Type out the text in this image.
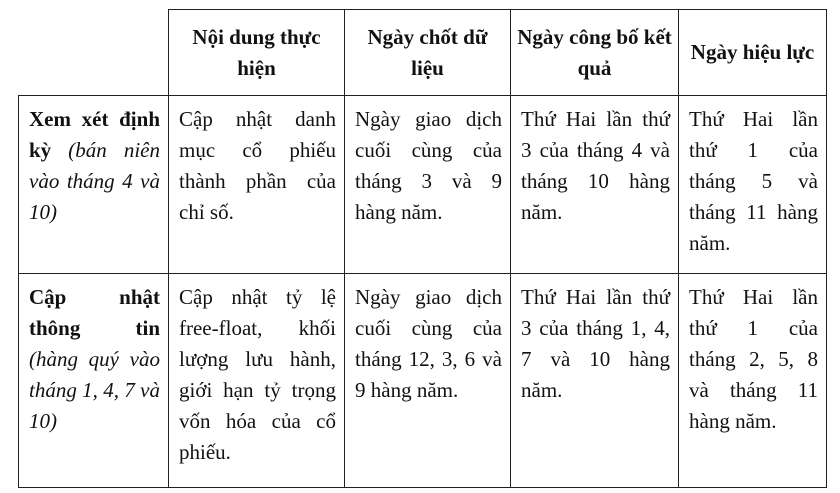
	Nội dung thực hiện	Ngày chốt dữ liệu	Ngày công bố kết quả	Ngày hiệu lực
Xem xét định kỳ (bán niên vào tháng 4 và 10)	Cập nhật danh mục cổ phiếu thành phần của chỉ số.	Ngày giao dịch cuối cùng của tháng 3 và 9 hàng năm.	Thứ Hai lần thứ 3 của tháng 4 và tháng 10 hàng năm.	Thứ Hai lần thứ 1 của tháng 5 và tháng 11 hàng năm.
Cập nhật thông tin (hàng quý vào tháng 1, 4, 7 và 10)	Cập nhật tỷ lệ free-float, khối lượng lưu hành, giới hạn tỷ trọng vốn hóa của cổ phiếu.	Ngày giao dịch cuối cùng của tháng 12, 3, 6 và 9 hàng năm.	Thứ Hai lần thứ 3 của tháng 1, 4, 7 và 10 hàng năm.	Thứ Hai lần thứ 1 của tháng 2, 5, 8 và tháng 11 hàng năm.
